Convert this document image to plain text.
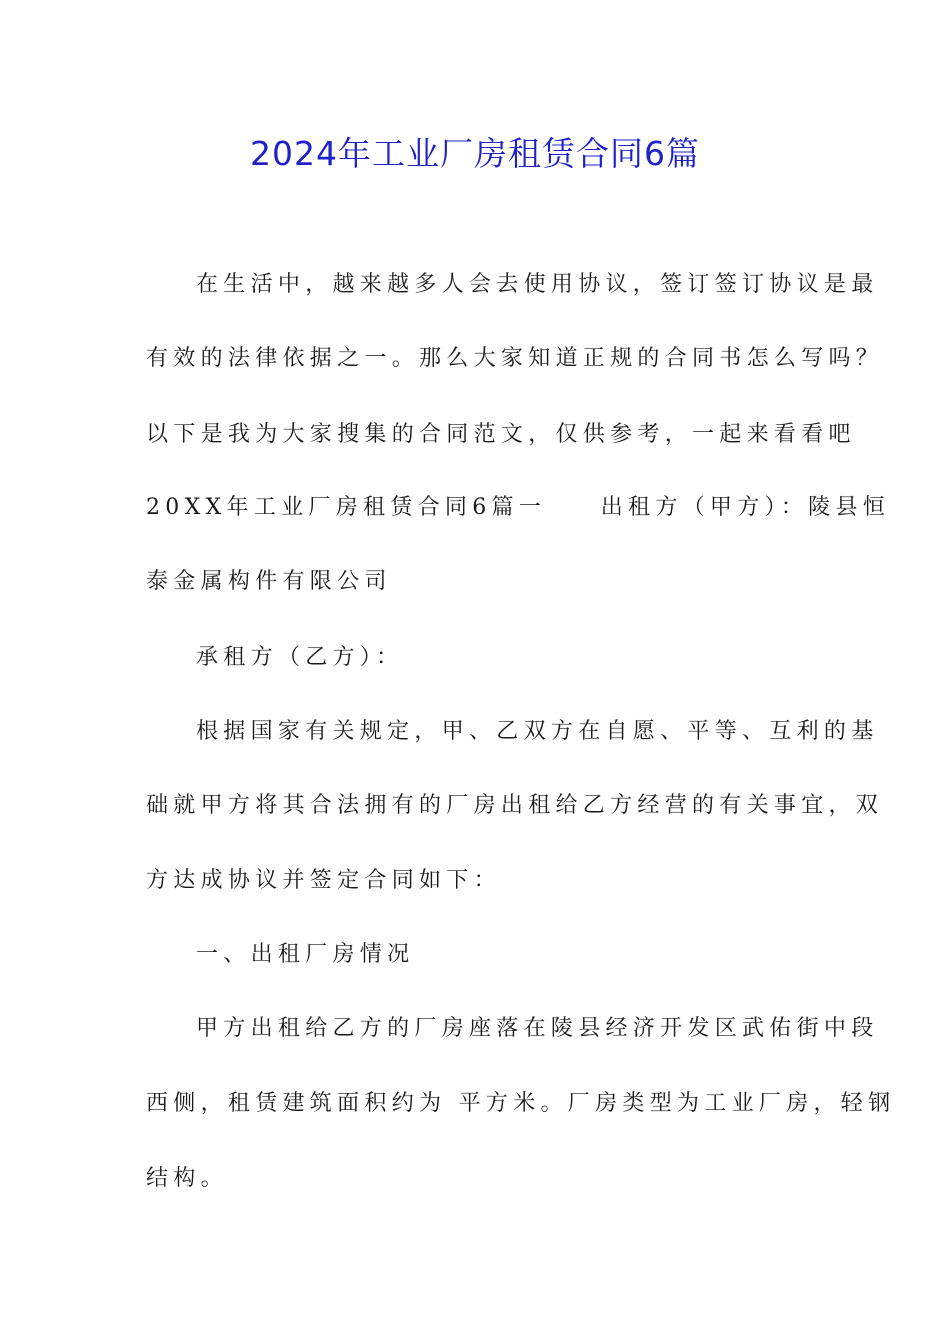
2024年工业厂房租赁合同6篇
在生活中，越来越多人会去使用协议，签订签订协议是最
有效的法律依据之一。那么大家知道正规的合同书怎么写吗？
以下是我为大家搜集的合同范文，仅供参考，一起来看看吧
20XX年工业厂房租赁合同6篇一　　出租方（甲方）：陵县恒
泰金属构件有限公司
承租方（乙方）：
根据国家有关规定，甲、乙双方在自愿、平等、互利的基
础就甲方将其合法拥有的厂房出租给乙方经营的有关事宜，双
方达成协议并签定合同如下：
一、出租厂房情况
甲方出租给乙方的厂房座落在陵县经济开发区武佑街中段
西侧，租赁建筑面积约为 平方米。厂房类型为工业厂房，轻钢
结构。
